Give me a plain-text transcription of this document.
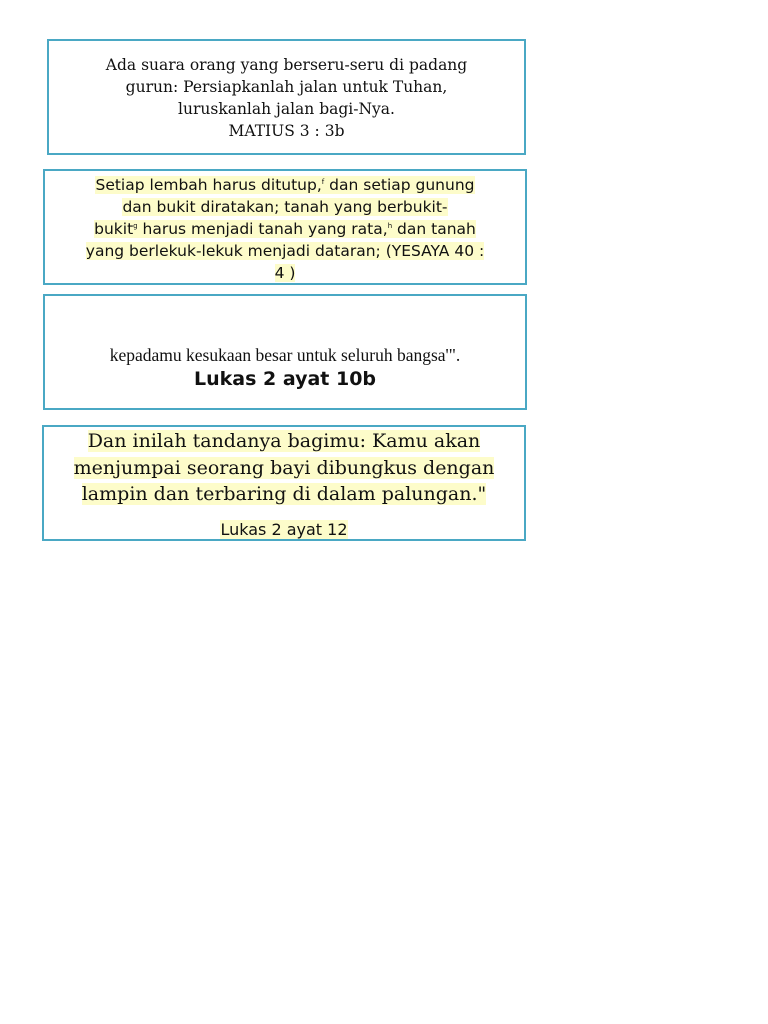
Ada suara orang yang berseru-seru di padang
gurun: Persiapkanlah jalan untuk Tuhan,
luruskanlah jalan bagi-Nya.
MATIUS 3 : 3b
Setiap lembah harus ditutup,$^f$ dan setiap gunung
dan bukit diratakan; tanah yang berbukit-
bukit$^g$ harus menjadi tanah yang rata,$^h$ dan tanah
yang berlekuk-lekuk menjadi dataran; (YESAYA 40 :
4 )
kepadamu kesukaan besar untuk seluruh bangsa'".
Lukas 2 ayat 10b
Dan inilah tandanya bagimu: Kamu akan
menjumpai seorang bayi dibungkus dengan
lampin dan terbaring di dalam palungan."
Lukas 2 ayat 12
